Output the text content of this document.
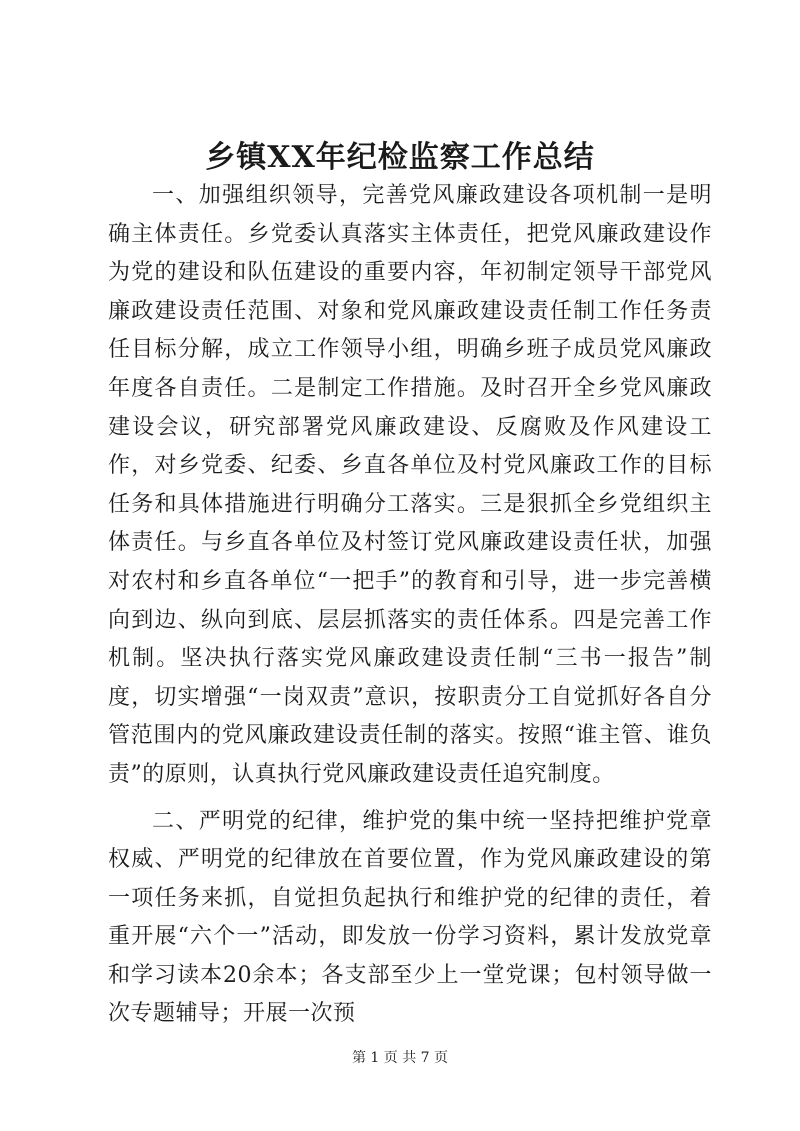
乡镇XX年纪检监察工作总结

一、加强组织领导，完善党风廉政建设各项机制一是明确主体责任。乡党委认真落实主体责任，把党风廉政建设作为党的建设和队伍建设的重要内容，年初制定领导干部党风廉政建设责任范围、对象和党风廉政建设责任制工作任务责任目标分解，成立工作领导小组，明确乡班子成员党风廉政年度各自责任。二是制定工作措施。及时召开全乡党风廉政建设会议，研究部署党风廉政建设、反腐败及作风建设工作，对乡党委、纪委、乡直各单位及村党风廉政工作的目标任务和具体措施进行明确分工落实。三是狠抓全乡党组织主体责任。与乡直各单位及村签订党风廉政建设责任状，加强对农村和乡直各单位“一把手”的教育和引导，进一步完善横向到边、纵向到底、层层抓落实的责任体系。四是完善工作机制。坚决执行落实党风廉政建设责任制“三书一报告”制度，切实增强“一岗双责”意识，按职责分工自觉抓好各自分管范围内的党风廉政建设责任制的落实。按照“谁主管、谁负责”的原则，认真执行党风廉政建设责任追究制度。

二、严明党的纪律，维护党的集中统一坚持把维护党章权威、严明党的纪律放在首要位置，作为党风廉政建设的第一项任务来抓，自觉担负起执行和维护党的纪律的责任，着重开展“六个一”活动，即发放一份学习资料，累计发放党章和学习读本20余本；各支部至少上一堂党课；包村领导做一次专题辅导；开展一次预

第 1 页 共 7 页
